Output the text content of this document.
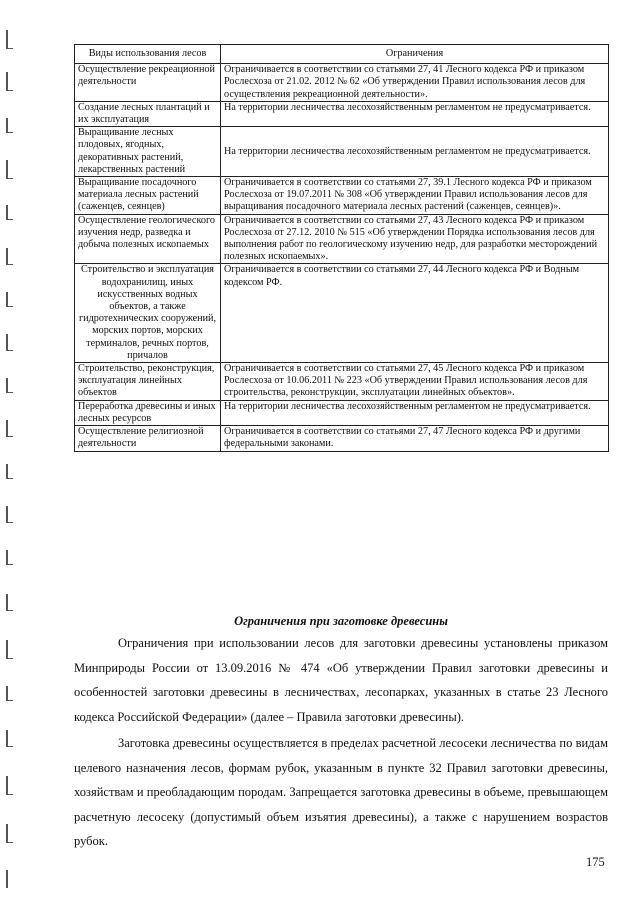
Виды использования лесов	Ограничения
Осуществление рекреационной деятельности	Ограничивается в соответствии со статьями 27, 41 Лесного кодекса РФ и приказом Рослесхоза от 21.02. 2012 № 62 «Об утверждении Правил использования лесов для осуществления рекреационной деятельности».
Создание лесных плантаций и их эксплуатация	На территории лесничества лесохозяйственным регламентом не предусматривается.
Выращивание лесных плодовых, ягодных, декоративных растений, лекарственных растений	На территории лесничества лесохозяйственным регламентом не предусматривается.
Выращивание посадочного материала лесных растений (саженцев, сеянцев)	Ограничивается в соответствии со статьями 27, 39.1 Лесного кодекса РФ и приказом Рослесхоза от 19.07.2011 № 308 «Об утверждении Правил использования лесов для выращивания посадочного материала лесных растений (саженцев, сеянцев)».
Осуществление геологического изучения недр, разведка и добыча полезных ископаемых	Ограничивается в соответствии со статьями 27, 43 Лесного кодекса РФ и приказом Рослесхоза от 27.12. 2010 № 515 «Об утверждении Порядка использования лесов для выполнения работ по геологическому изучению недр, для разработки месторождений полезных ископаемых».
Строительство и эксплуатация водохранилищ, иных искусственных водных объектов, а также гидротехнических сооружений, морских портов, морских терминалов, речных портов, причалов	Ограничивается в соответствии со статьями 27, 44 Лесного кодекса РФ и Водным кодексом РФ.
Строительство, реконструкция, эксплуатация линейных объектов	Ограничивается в соответствии со статьями 27, 45 Лесного кодекса РФ и приказом Рослесхоза от 10.06.2011 № 223 «Об утверждении Правил использования лесов для строительства, реконструкции, эксплуатации линейных объектов».
Переработка древесины и иных лесных ресурсов	На территории лесничества лесохозяйственным регламентом не предусматривается.
Осуществление религиозной деятельности	Ограничивается в соответствии со статьями 27, 47 Лесного кодекса РФ и другими федеральными законами.
Ограничения при заготовке древесины

Ограничения при использовании лесов для заготовки древесины установлены приказом Минприроды России от 13.09.2016 № 474 «Об утверждении Правил заготовки древесины и особенностей заготовки древесины в лесничествах, лесопарках, указанных в статье 23 Лесного кодекса Российской Федерации» (далее – Правила заготовки древесины).

Заготовка древесины осуществляется в пределах расчетной лесосеки лесничества по видам целевого назначения лесов, формам рубок, указанным в пункте 32 Правил заготовки древесины, хозяйствам и преобладающим породам. Запрещается заготовка древесины в объеме, превышающем расчетную лесосеку (допустимый объем изъятия древесины), а также с нарушением возрастов рубок.

175
